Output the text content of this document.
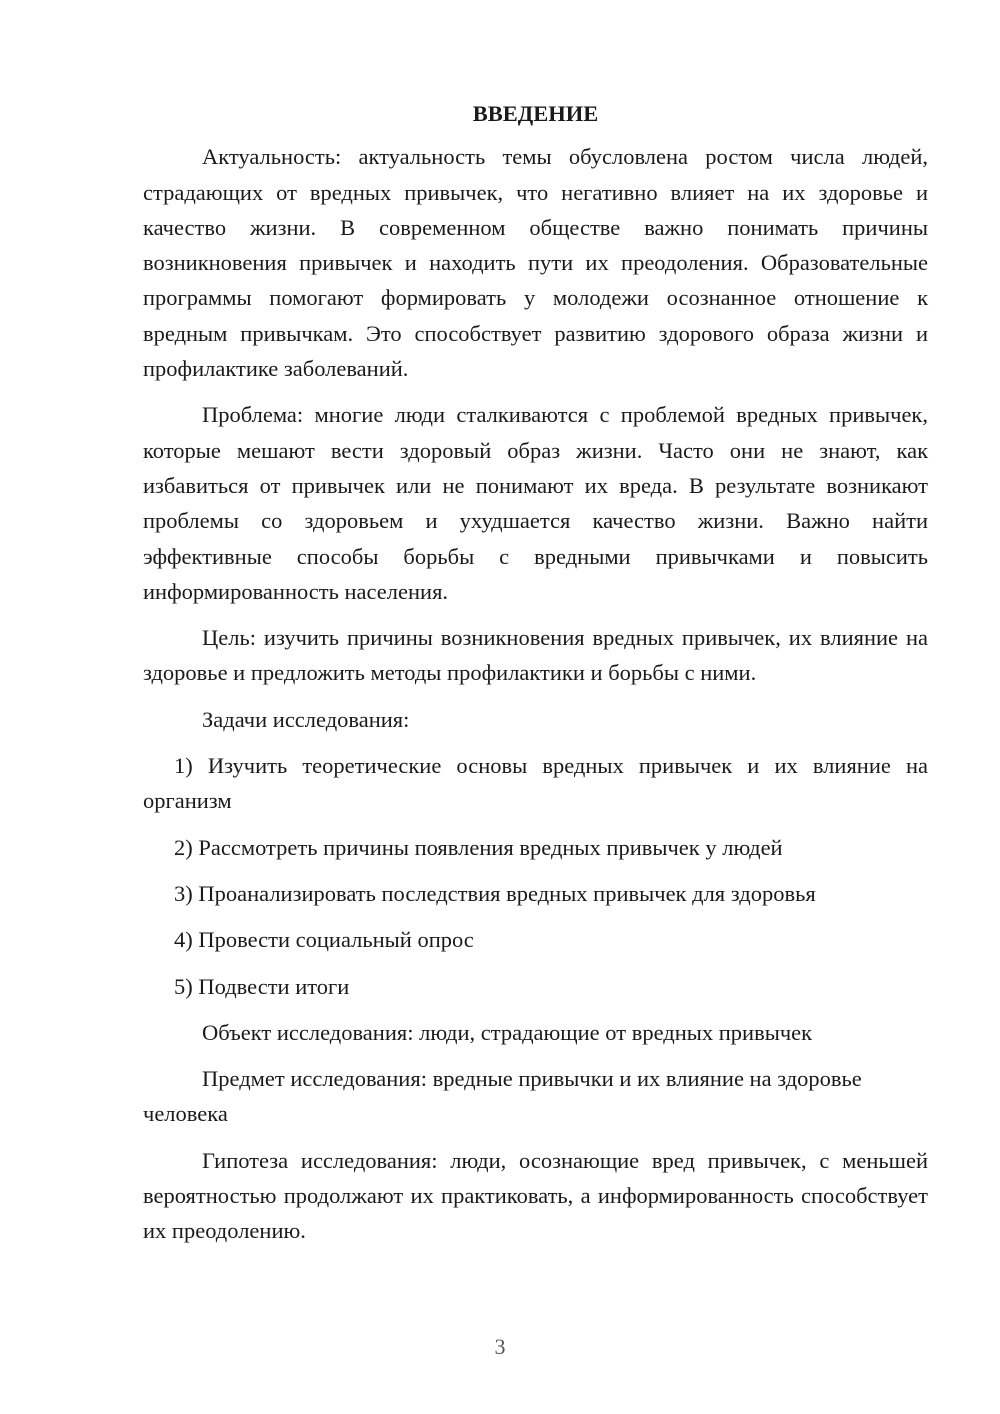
ВВЕДЕНИЕ

Актуальность: актуальность темы обусловлена ростом числа людей, страдающих от вредных привычек, что негативно влияет на их здоровье и качество жизни. В современном обществе важно понимать причины возникновения привычек и находить пути их преодоления. Образовательные программы помогают формировать у молодежи осознанное отношение к вредным привычкам. Это способствует развитию здорового образа жизни и профилактике заболеваний.

Проблема: многие люди сталкиваются с проблемой вредных привычек, которые мешают вести здоровый образ жизни. Часто они не знают, как избавиться от привычек или не понимают их вреда. В результате возникают проблемы со здоровьем и ухудшается качество жизни. Важно найти эффективные способы борьбы с вредными привычками и повысить информированность населения.

Цель: изучить причины возникновения вредных привычек, их влияние на здоровье и предложить методы профилактики и борьбы с ними.

Задачи исследования:

1) Изучить теоретические основы вредных привычек и их влияние на организм

2) Рассмотреть причины появления вредных привычек у людей

3) Проанализировать последствия вредных привычек для здоровья

4) Провести социальный опрос

5) Подвести итоги

Объект исследования: люди, страдающие от вредных привычек

Предмет исследования: вредные привычки и их влияние на здоровье человека

Гипотеза исследования: люди, осознающие вред привычек, с меньшей вероятностью продолжают их практиковать, а информированность способствует их преодолению.

3
